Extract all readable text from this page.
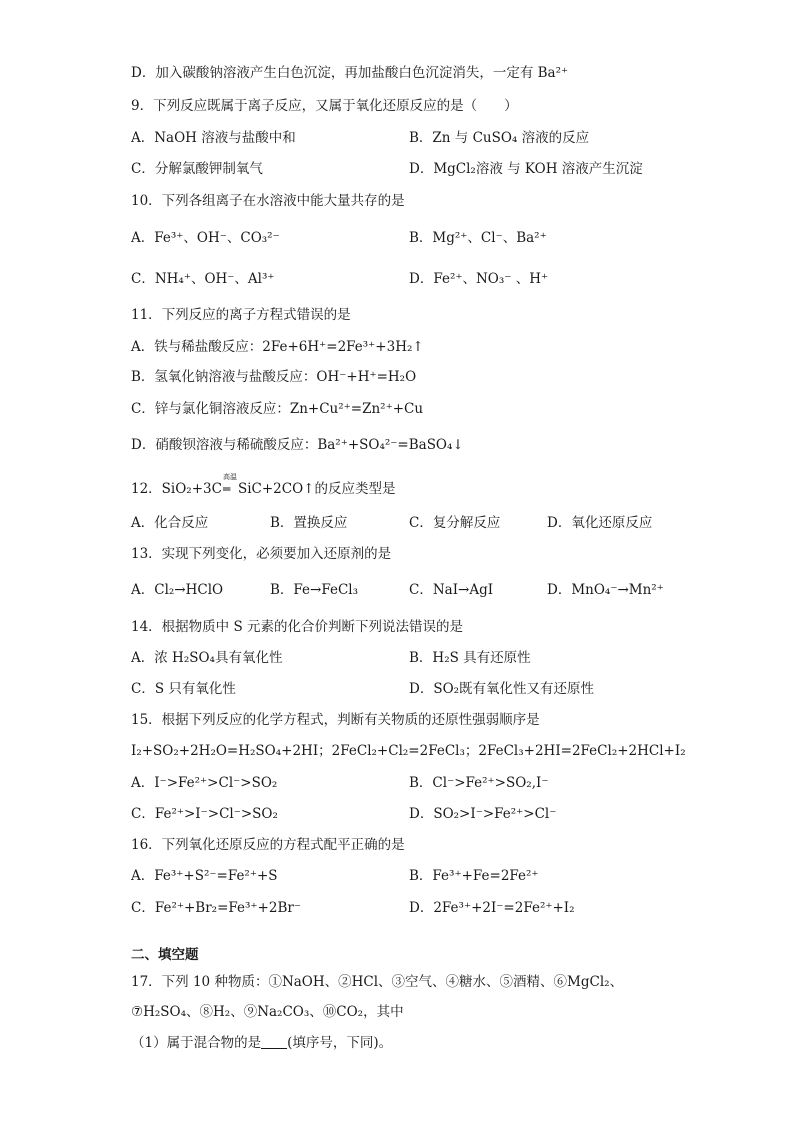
D．加入碳酸钠溶液产生白色沉淀，再加盐酸白色沉淀消失，一定有 Ba²⁺
9．下列反应既属于离子反应，又属于氧化还原反应的是（　　）
A．NaOH 溶液与盐酸中和	B．Zn 与 CuSO₄ 溶液的反应
C．分解氯酸钾制氧气	D．MgCl₂溶液 与 KOH 溶液产生沉淀
10．下列各组离子在水溶液中能大量共存的是
A．Fe³⁺、OH⁻、CO₃²⁻	B．Mg²⁺、Cl⁻、Ba²⁺
C．NH₄⁺、OH⁻、Al³⁺	D．Fe²⁺、NO₃⁻ 、H⁺
11．下列反应的离子方程式错误的是
A．铁与稀盐酸反应：2Fe+6H⁺=2Fe³⁺+3H₂↑
B．氢氧化钠溶液与盐酸反应：OH⁻+H⁺=H₂O
C．锌与氯化铜溶液反应：Zn+Cu²⁺=Zn²⁺+Cu
D．硝酸钡溶液与稀硫酸反应：Ba²⁺+SO₄²⁻=BaSO₄↓
12．SiO₂+3C
高温
═ SiC+2CO↑的反应类型是
A．化合反应	B．置换反应	C．复分解反应	D．氧化还原反应
13．实现下列变化，必须要加入还原剂的是
A．Cl₂→HClO	B．Fe→FeCl₃	C．NaI→AgI	D．MnO₄⁻→Mn²⁺
14．根据物质中 S 元素的化合价判断下列说法错误的是
A．浓 H₂SO₄具有氧化性	B．H₂S 具有还原性
C．S 只有氧化性	D．SO₂既有氧化性又有还原性
15．根据下列反应的化学方程式，判断有关物质的还原性强弱顺序是
I₂+SO₂+2H₂O=H₂SO₄+2HI；2FeCl₂+Cl₂=2FeCl₃；2FeCl₃+2HI=2FeCl₂+2HCl+I₂
A．I⁻>Fe²⁺>Cl⁻>SO₂	B．Cl⁻>Fe²⁺>SO₂,I⁻
C．Fe²⁺>I⁻>Cl⁻>SO₂	D．SO₂>I⁻>Fe²⁺>Cl⁻
16．下列氧化还原反应的方程式配平正确的是
A．Fe³⁺+S²⁻=Fe²⁺+S	B．Fe³⁺+Fe=2Fe²⁺
C．Fe²⁺+Br₂=Fe³⁺+2Br⁻	D．2Fe³⁺+2I⁻=2Fe²⁺+I₂
二、填空题
17．下列 10 种物质：①NaOH、②HCl、③空气、④糖水、⑤酒精、⑥MgCl₂、
⑦H₂SO₄、⑧H₂、⑨Na₂CO₃、⑩CO₂，其中
（1）属于混合物的是 (填序号，下同)。
